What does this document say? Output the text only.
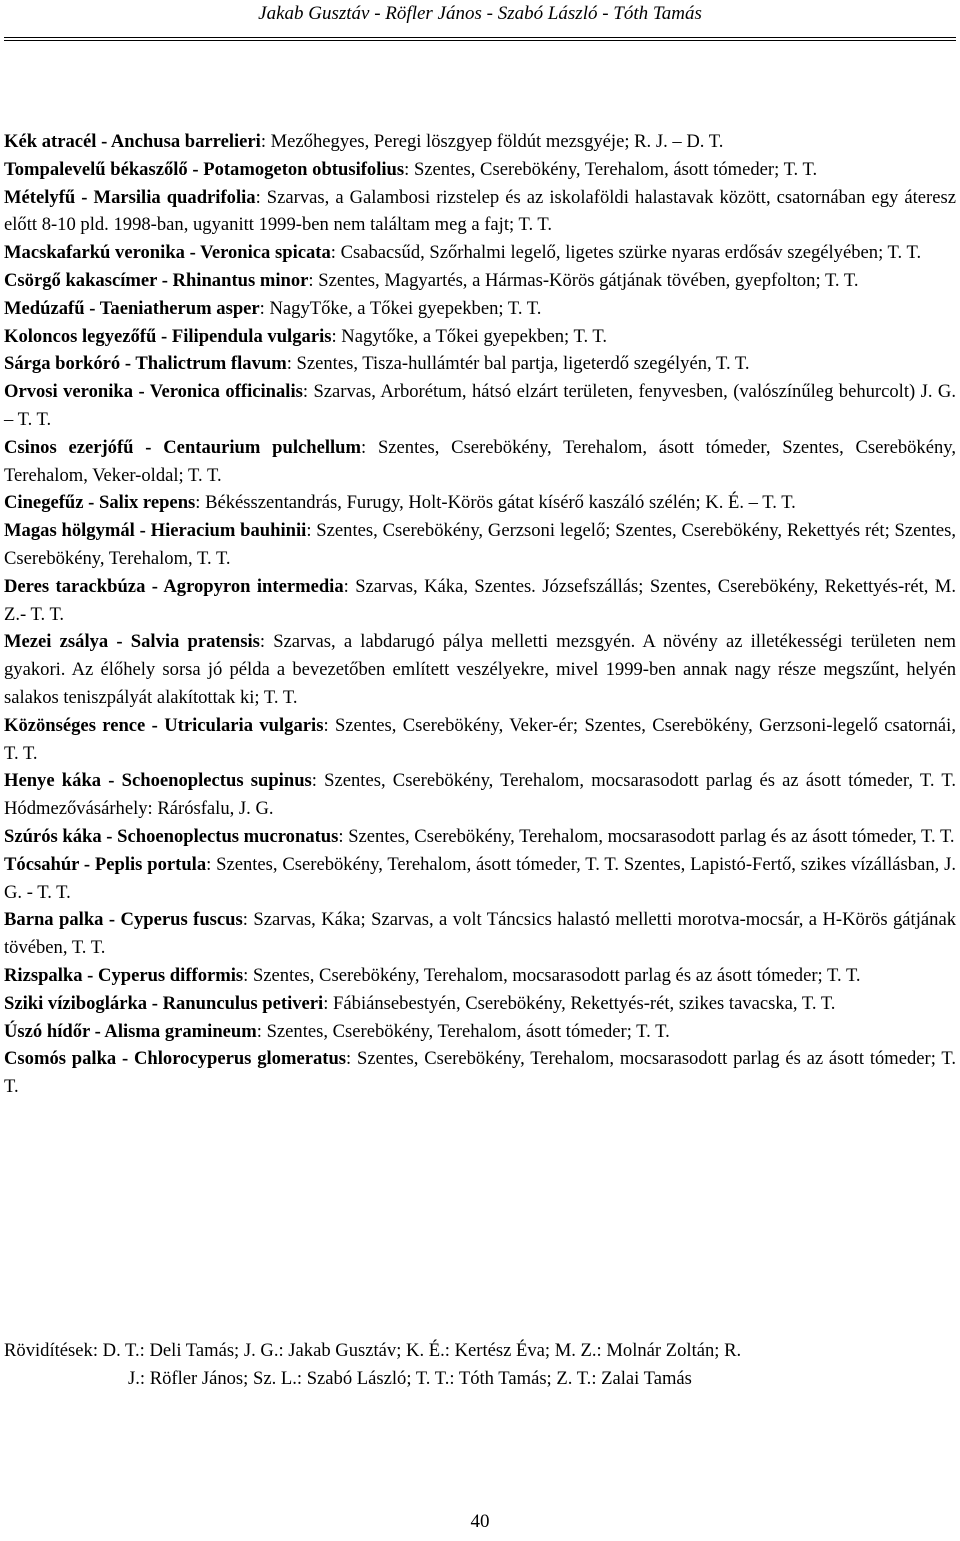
Jakab Gusztáv - Röfler János - Szabó László - Tóth Tamás

Kék atracél - Anchusa barrelieri: Mezőhegyes, Peregi löszgyep földút mezsgyéje; R. J. – D. T.

Tompalevelű békaszőlő - Potamogeton obtusifolius: Szentes, Cserebökény, Terehalom, ásott tómeder; T. T.

Mételyfű - Marsilia quadrifolia: Szarvas, a Galambosi rizstelep és az iskolaföldi halastavak között, csatornában egy áteresz előtt 8-10 pld. 1998-ban, ugyanitt 1999-ben nem találtam meg a fajt; T. T.

Macskafarkú veronika - Veronica spicata: Csabacsűd, Szőrhalmi legelő, ligetes szürke nyaras erdősáv szegélyében; T. T.

Csörgő kakascímer - Rhinantus minor: Szentes, Magyartés, a Hármas-Körös gátjának tövében, gyepfolton; T. T.

Medúzafű - Taeniatherum asper: NagyTőke, a Tőkei gyepekben; T. T.

Koloncos legyezőfű - Filipendula vulgaris: Nagytőke, a Tőkei gyepekben; T. T.

Sárga borkóró - Thalictrum flavum: Szentes, Tisza-hullámtér bal partja, ligeterdő szegélyén, T. T.

Orvosi veronika - Veronica officinalis: Szarvas, Arborétum, hátsó elzárt területen, fenyvesben, (valószínűleg behurcolt) J. G. – T. T.

Csinos ezerjófű - Centaurium pulchellum: Szentes, Cserebökény, Terehalom, ásott tómeder, Szentes, Cserebökény, Terehalom, Veker-oldal; T. T.

Cinegefűz - Salix repens: Békésszentandrás, Furugy, Holt-Körös gátat kísérő kaszáló szélén; K. É. – T. T.

Magas hölgymál - Hieracium bauhinii: Szentes, Cserebökény, Gerzsoni legelő; Szentes, Cserebökény, Rekettyés rét; Szentes, Cserebökény, Terehalom, T. T.

Deres tarackbúza - Agropyron intermedia: Szarvas, Káka, Szentes. Józsefszállás; Szentes, Cserebökény, Rekettyés-rét, M. Z.- T. T.

Mezei zsálya - Salvia pratensis: Szarvas, a labdarugó pálya melletti mezsgyén. A növény az illetékességi területen nem gyakori. Az élőhely sorsa jó példa a bevezetőben említett veszélyekre, mivel 1999-ben annak nagy része megszűnt, helyén salakos teniszpályát alakítottak ki; T. T.

Közönséges rence - Utricularia vulgaris: Szentes, Cserebökény, Veker-ér; Szentes, Cserebökény, Gerzsoni-legelő csatornái, T. T.

Henye káka - Schoenoplectus supinus: Szentes, Cserebökény, Terehalom, mocsarasodott parlag és az ásott tómeder, T. T. Hódmezővásárhely: Rárósfalu, J. G.

Szúrós káka - Schoenoplectus mucronatus: Szentes, Cserebökény, Terehalom, mocsarasodott parlag és az ásott tómeder, T. T.

Tócsahúr - Peplis portula: Szentes, Cserebökény, Terehalom, ásott tómeder, T. T. Szentes, Lapistó-Fertő, szikes vízállásban, J. G. - T. T.

Barna palka - Cyperus fuscus: Szarvas, Káka; Szarvas, a volt Táncsics halastó melletti morotva-mocsár, a H-Körös gátjának tövében, T. T.

Rizspalka - Cyperus difformis: Szentes, Cserebökény, Terehalom, mocsarasodott parlag és az ásott tómeder; T. T.

Sziki víziboglárka - Ranunculus petiveri: Fábiánsebestyén, Cserebökény, Rekettyés-rét, szikes tavacska, T. T.

Úszó hídőr - Alisma gramineum: Szentes, Cserebökény, Terehalom, ásott tómeder; T. T.

Csomós palka - Chlorocyperus glomeratus: Szentes, Cserebökény, Terehalom, mocsarasodott parlag és az ásott tómeder; T. T.

Rövidítések: D. T.: Deli Tamás; J. G.: Jakab Gusztáv; K. É.: Kertész Éva; M. Z.: Molnár Zoltán; R.
J.: Röfler János; Sz. L.: Szabó László; T. T.: Tóth Tamás; Z. T.: Zalai Tamás
40
